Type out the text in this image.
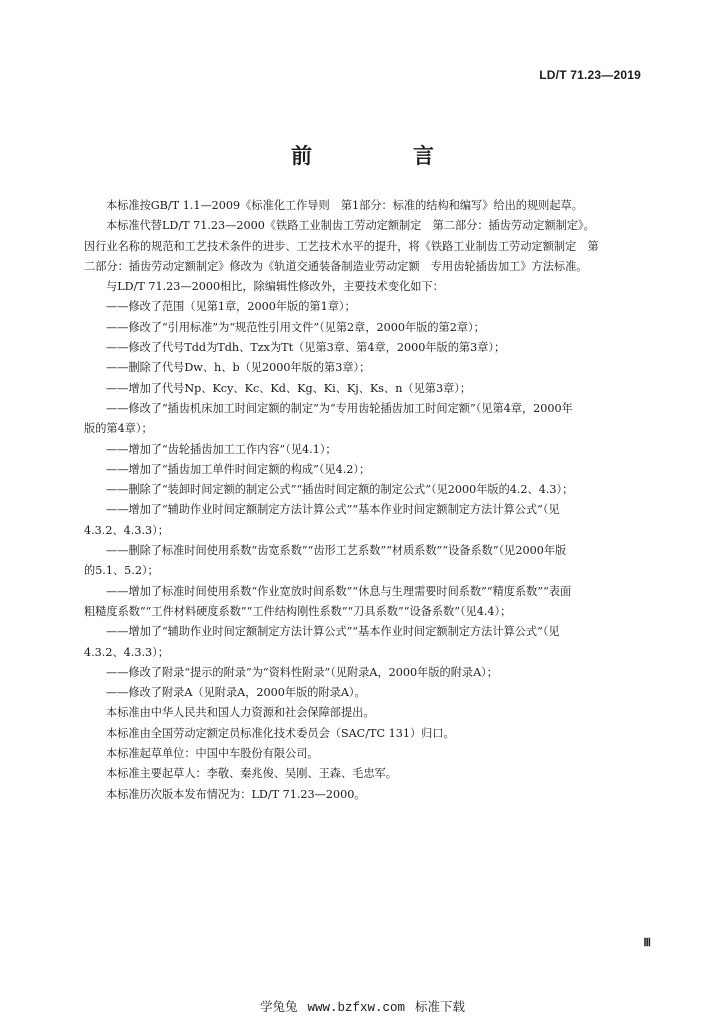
LD/T 71.23—2019
前　言
本标准按GB/T 1.1—2009《标准化工作导则　第1部分：标准的结构和编写》给出的规则起草。
本标准代替LD/T 71.23—2000《铁路工业制齿工劳动定额制定　第二部分：插齿劳动定额制定》。
因行业名称的规范和工艺技术条件的进步、工艺技术水平的提升，将《铁路工业制齿工劳动定额制定　第
二部分：插齿劳动定额制定》修改为《轨道交通装备制造业劳动定额　专用齿轮插齿加工》方法标准。
与LD/T 71.23—2000相比，除编辑性修改外，主要技术变化如下：
——修改了范围（见第1章，2000年版的第1章）；
——修改了“引用标准”为“规范性引用文件”（见第2章，2000年版的第2章）；
——修改了代号Tdd为Tdh、Tzx为Tt（见第3章、第4章，2000年版的第3章）；
——删除了代号Dw、h、b（见2000年版的第3章）；
——增加了代号Np、Kcy、Kc、Kd、Kg、Ki、Kj、Ks、n（见第3章）；
——修改了“插齿机床加工时间定额的制定”为“专用齿轮插齿加工时间定额”（见第4章，2000年
版的第4章）；
——增加了“齿轮插齿加工工作内容”（见4.1）；
——增加了“插齿加工单件时间定额的构成”（见4.2）；
——删除了“装卸时间定额的制定公式”“插齿时间定额的制定公式”（见2000年版的4.2、4.3）；
——增加了“辅助作业时间定额制定方法计算公式”“基本作业时间定额制定方法计算公式”（见
4.3.2、4.3.3）；
——删除了标准时间使用系数“齿宽系数”“齿形工艺系数”“材质系数”“设备系数”（见2000年版
的5.1、5.2）；
——增加了标准时间使用系数“作业宽放时间系数”“休息与生理需要时间系数”“精度系数”“表面
粗糙度系数”“工件材料硬度系数”“工件结构刚性系数”“刀具系数”“设备系数”（见4.4）；
——增加了“辅助作业时间定额制定方法计算公式”“基本作业时间定额制定方法计算公式”（见
4.3.2、4.3.3）；
——修改了附录“提示的附录”为“资料性附录”（见附录A，2000年版的附录A）；
——修改了附录A（见附录A，2000年版的附录A）。
本标准由中华人民共和国人力资源和社会保障部提出。
本标准由全国劳动定额定员标准化技术委员会（SAC/TC 131）归口。
本标准起草单位：中国中车股份有限公司。
本标准主要起草人：李敬、秦兆俊、吴刚、王森、毛忠军。
本标准历次版本发布情况为：LD/T 71.23—2000。
Ⅲ
学兔兔 www.bzfxw.com 标准下载
